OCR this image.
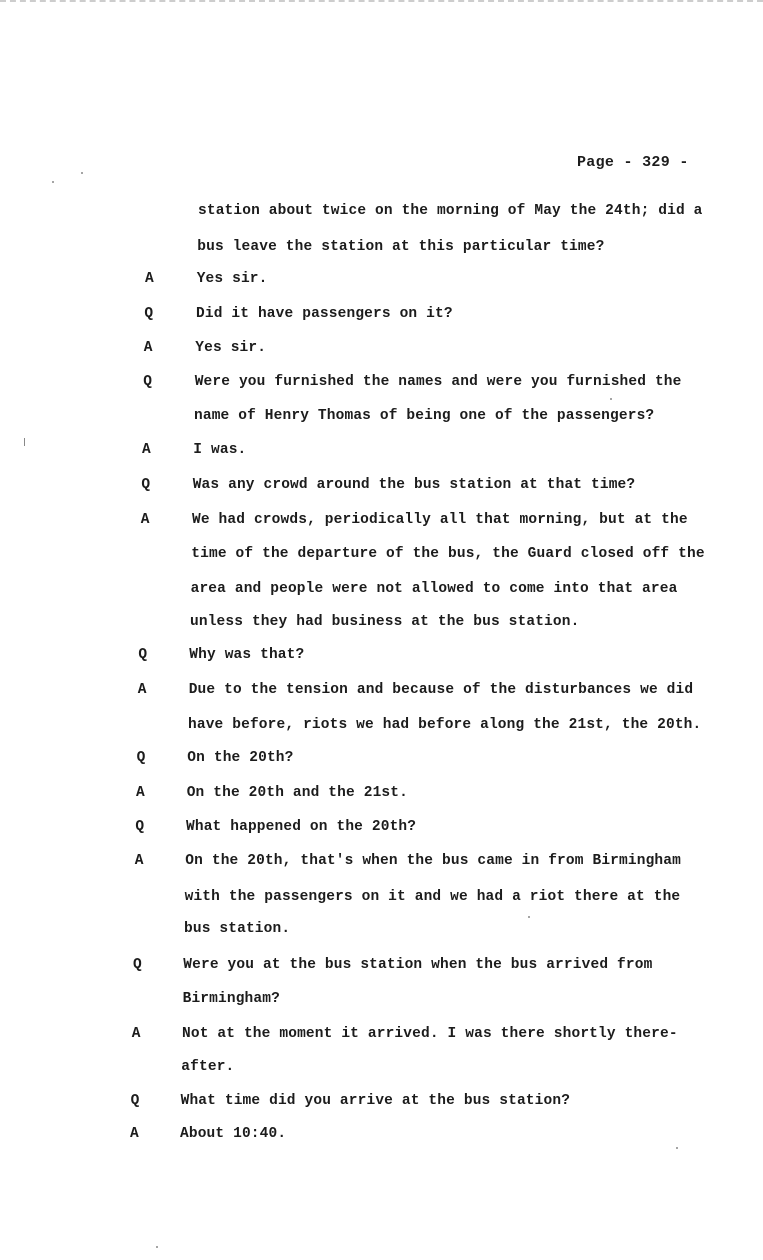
Page - 329 -
station about twice on the morning of May the 24th; did a
bus leave the station at this particular time?
A	Yes sir.
Q	Did it have passengers on it?
A	Yes sir.
Q	Were you furnished the names and were you furnished the
name of Henry Thomas of being one of the passengers?
A	I was.
Q	Was any crowd around the bus station at that time?
A	We had crowds, periodically all that morning, but at the
time of the departure of the bus, the Guard closed off the
area and people were not allowed to come into that area
unless they had business at the bus station.
Q	Why was that?
A	Due to the tension and because of the disturbances we did
have before, riots we had before along the 21st, the 20th.
Q	On the 20th?
A	On the 20th and the 21st.
Q	What happened on the 20th?
A	On the 20th, that's when the bus came in from Birmingham
with the passengers on it and we had a riot there at the
bus station.
Q	Were you at the bus station when the bus arrived from
Birmingham?
A	Not at the moment it arrived. I was there shortly there-
after.
Q	What time did you arrive at the bus station?
A	About 10:40.
